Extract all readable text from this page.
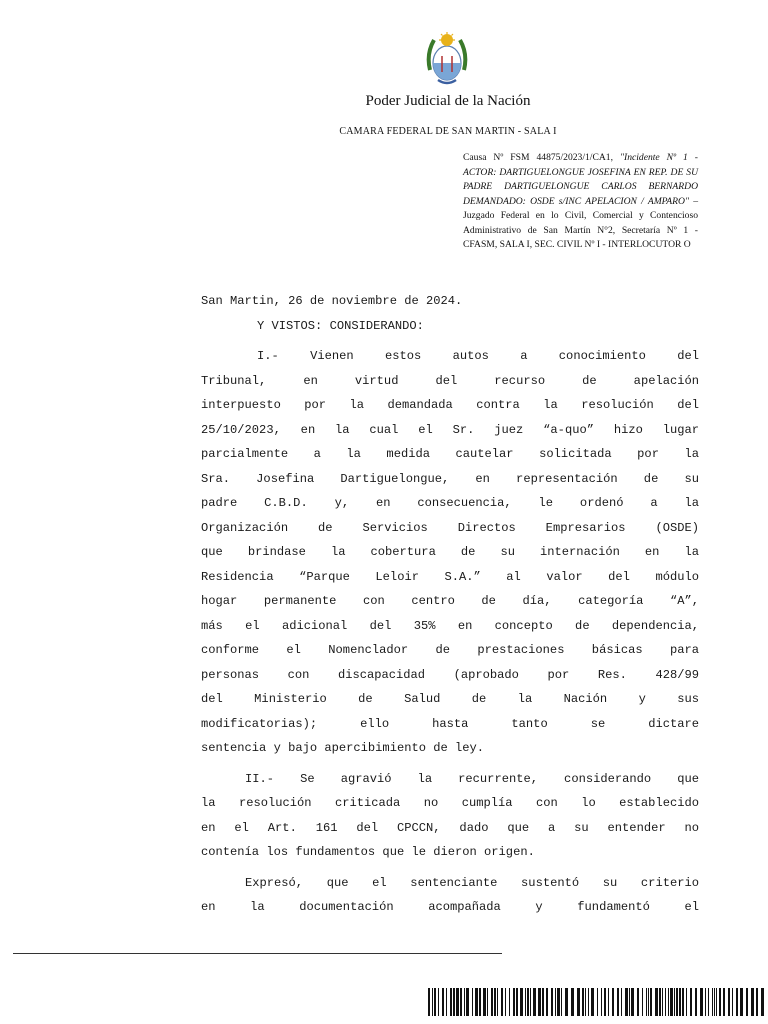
Poder Judicial de la Nación
CAMARA FEDERAL DE SAN MARTIN - SALA I
Causa Nº FSM 44875/2023/1/CA1, "Incidente Nº 1 - ACTOR: DARTIGUELONGUE JOSEFINA EN REP. DE SU PADRE DARTIGUELONGUE CARLOS BERNARDO DEMANDADO: OSDE s/INC APELACION / AMPARO" – Juzgado Federal en lo Civil, Comercial y Contencioso Administrativo de San Martín N°2, Secretaría Nº 1 - CFASM, SALA I, SEC. CIVIL Nº I - INTERLOCUTOR O
San Martin, 26 de noviembre de 2024.
Y VISTOS: CONSIDERANDO:
I.- Vienen estos autos a conocimiento del
Tribunal, en virtud del recurso de apelación
interpuesto por la demandada contra la resolución del
25/10/2023, en la cual el Sr. juez “a-quo” hizo lugar
parcialmente a la medida cautelar solicitada por la
Sra. Josefina Dartiguelongue, en representación de su
padre C.B.D. y, en consecuencia, le ordenó a la
Organización de Servicios Directos Empresarios (OSDE)
que brindase la cobertura de su internación en la
Residencia “Parque Leloir S.A.” al valor del módulo
hogar permanente con centro de día, categoría “A”,
más el adicional del 35% en concepto de dependencia,
conforme el Nomenclador de prestaciones básicas para
personas con discapacidad (aprobado por Res. 428/99
del Ministerio de Salud de la Nación y sus
modificatorias); ello hasta tanto se dictare
sentencia y bajo apercibimiento de ley.
II.- Se agravió la recurrente, considerando que
la resolución criticada no cumplía con lo establecido
en el Art. 161 del CPCCN, dado que a su entender no
contenía los fundamentos que le dieron origen.
Expresó, que el sentenciante sustentó su criterio
en la documentación acompañada y fundamentó el
